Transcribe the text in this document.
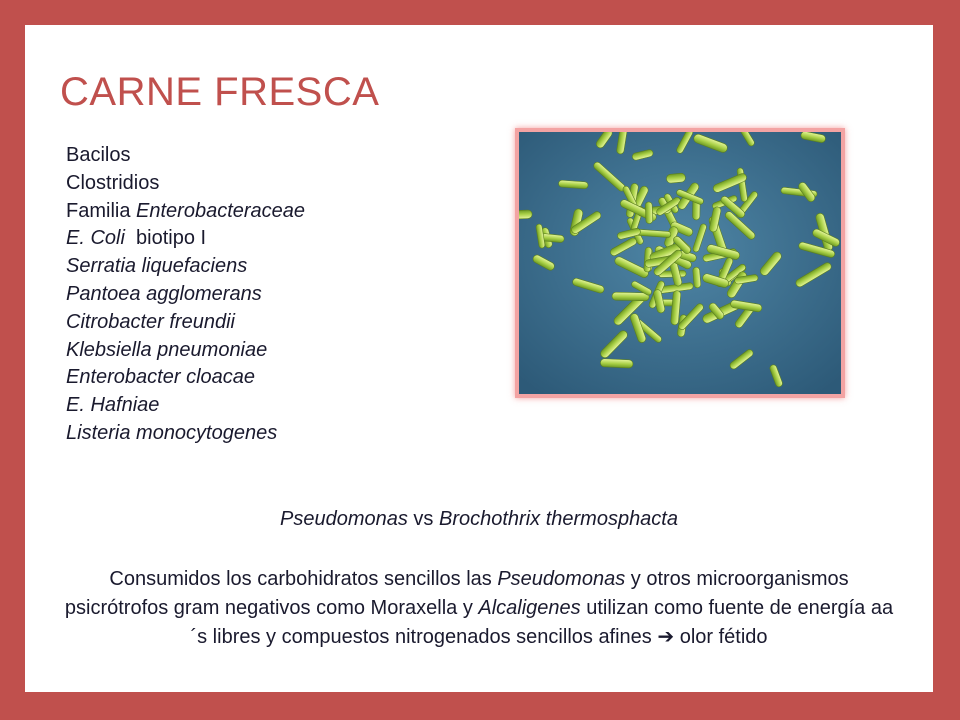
CARNE FRESCA
Bacilos
Clostridios
Familia Enterobacteraceae
E. Coli  biotipo I
Serratia liquefaciens
Pantoea agglomerans
Citrobacter freundii
Klebsiella pneumoniae
Enterobacter cloacae
E. Hafniae
Listeria monocytogenes
Pseudomonas vs Brochothrix thermosphacta
Consumidos los carbohidratos sencillos las Pseudomonas y otros microorganismos psicrótrofos gram negativos como Moraxella y Alcaligenes utilizan como fuente de energía aa´s libres y compuestos nitrogenados sencillos afines ➔ olor fétido
